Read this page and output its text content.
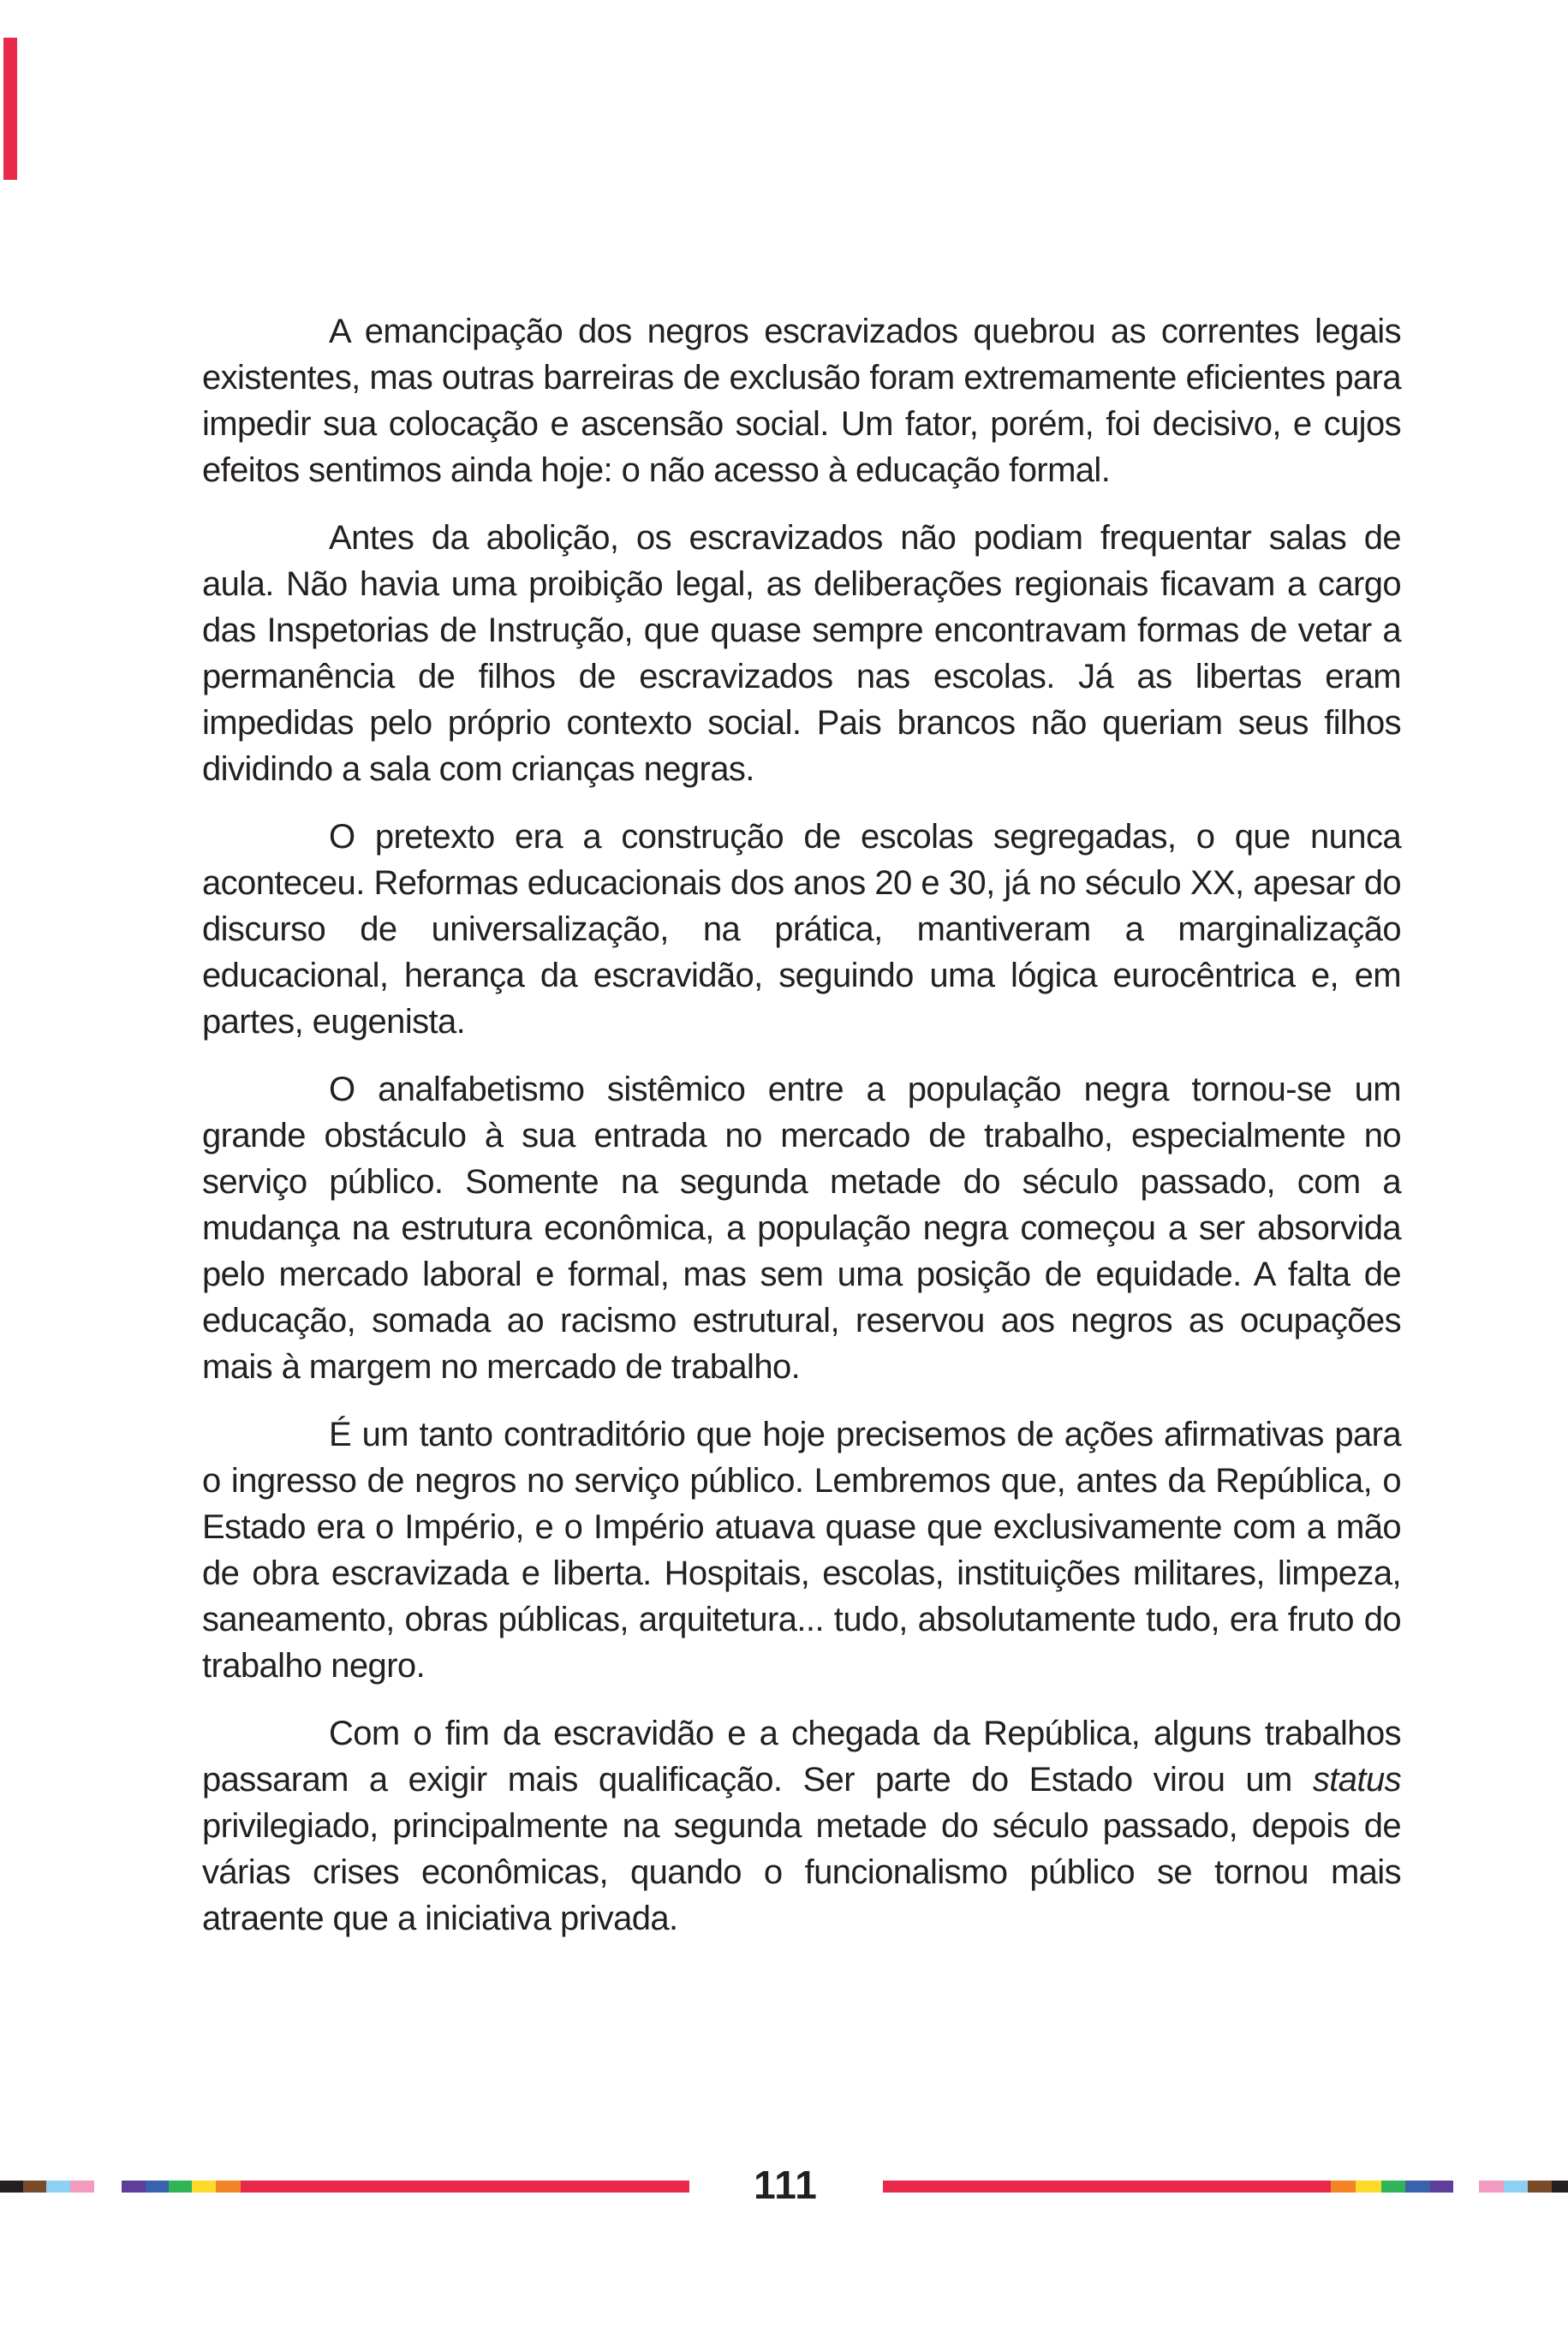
A emancipação dos negros escravizados quebrou as correntes legais existentes, mas outras barreiras de exclusão foram extremamente eficientes para impedir sua colocação e ascensão social. Um fator, porém, foi decisivo, e cujos efeitos sentimos ainda hoje: o não acesso à educação formal.

Antes da abolição, os escravizados não podiam frequentar salas de aula. Não havia uma proibição legal, as deliberações regionais ficavam a cargo das Inspetorias de Instrução, que quase sempre encontravam formas de vetar a permanência de filhos de escravizados nas escolas. Já as libertas eram impedidas pelo próprio contexto social. Pais brancos não queriam seus filhos dividindo a sala com crianças negras.

O pretexto era a construção de escolas segregadas, o que nunca aconteceu. Reformas educacionais dos anos 20 e 30, já no século XX, apesar do discurso de universalização, na prática, mantiveram a marginalização educacional, herança da escravidão, seguindo uma lógica eurocêntrica e, em partes, eugenista.

O analfabetismo sistêmico entre a população negra tornou-se um grande obstáculo à sua entrada no mercado de trabalho, especialmente no serviço público. Somente na segunda metade do século passado, com a mudança na estrutura econômica, a população negra começou a ser absorvida pelo mercado laboral e formal, mas sem uma posição de equidade. A falta de educação, somada ao racismo estrutural, reservou aos negros as ocupações mais à margem no mercado de trabalho.

É um tanto contraditório que hoje precisemos de ações afirmativas para o ingresso de negros no serviço público. Lembremos que, antes da República, o Estado era o Império, e o Império atuava quase que exclusivamente com a mão de obra escravizada e liberta. Hospitais, escolas, instituições militares, limpeza, saneamento, obras públicas, arquitetura... tudo, absolutamente tudo, era fruto do trabalho negro.

Com o fim da escravidão e a chegada da República, alguns trabalhos passaram a exigir mais qualificação. Ser parte do Estado virou um status privilegiado, principalmente na segunda metade do século passado, depois de várias crises econômicas, quando o funcionalismo público se tornou mais atraente que a iniciativa privada.

111
